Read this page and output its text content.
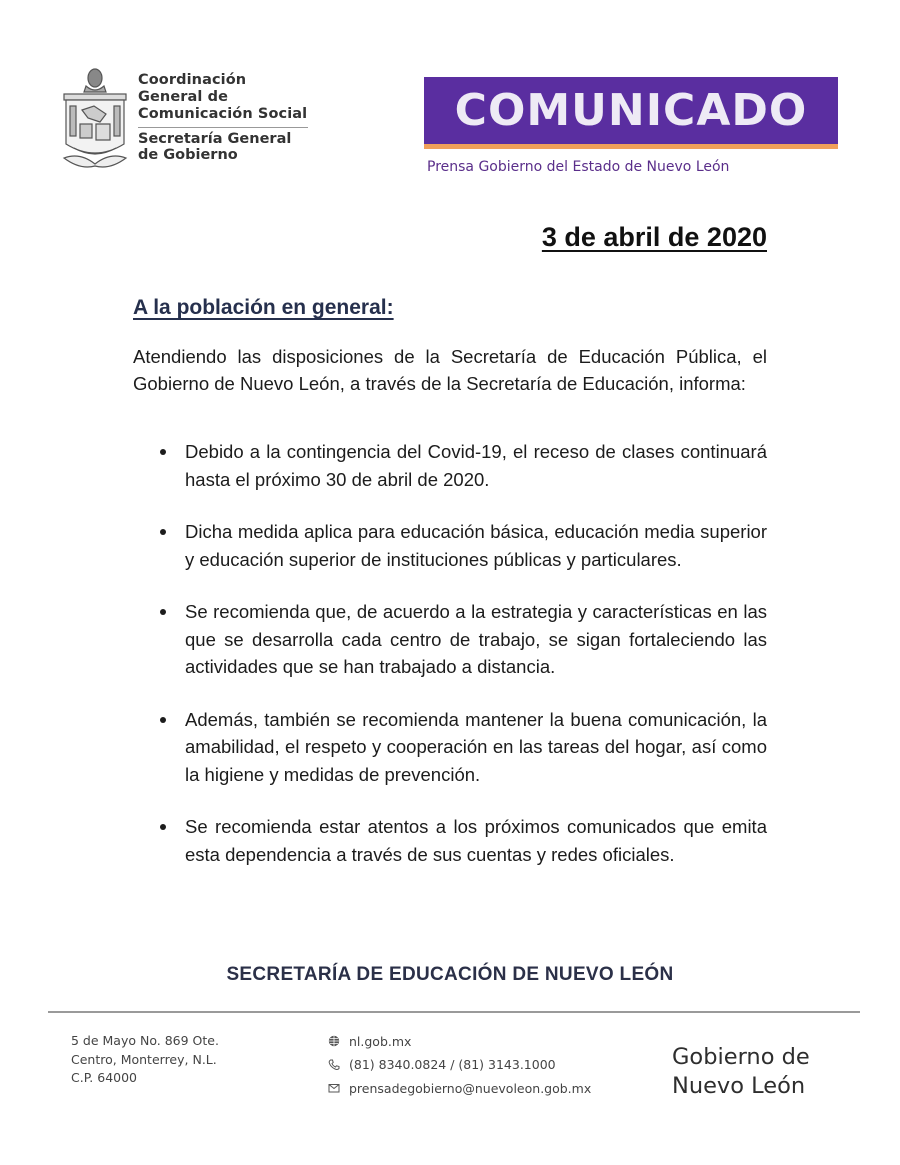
Coordinación
General de
Comunicación Social
Secretaría General
de Gobierno
COMUNICADO
Prensa Gobierno del Estado de Nuevo León
3 de abril de 2020
A la población en general:
Atendiendo las disposiciones de la Secretaría de Educación Pública, el Gobierno de Nuevo León, a través de la Secretaría de Educación, informa:
Debido a la contingencia del Covid-19, el receso de clases continuará hasta el próximo 30 de abril de 2020.
Dicha medida aplica para educación básica, educación media superior y educación superior de instituciones públicas y particulares.
Se recomienda que, de acuerdo a la estrategia y características en las que se desarrolla cada centro de trabajo, se sigan fortaleciendo las actividades que se han trabajado a distancia.
Además, también se recomienda mantener la buena comunicación, la amabilidad, el respeto y cooperación en las tareas del hogar, así como la higiene y medidas de prevención.
Se recomienda estar atentos a los próximos comunicados que emita esta dependencia a través de sus cuentas y redes oficiales.
SECRETARÍA DE EDUCACIÓN DE NUEVO LEÓN
5 de Mayo No. 869 Ote.
Centro, Monterrey, N.L.
C.P. 64000
nl.gob.mx
(81) 8340.0824 / (81) 3143.1000
prensadegobierno@nuevoleon.gob.mx
Gobierno de
Nuevo León
